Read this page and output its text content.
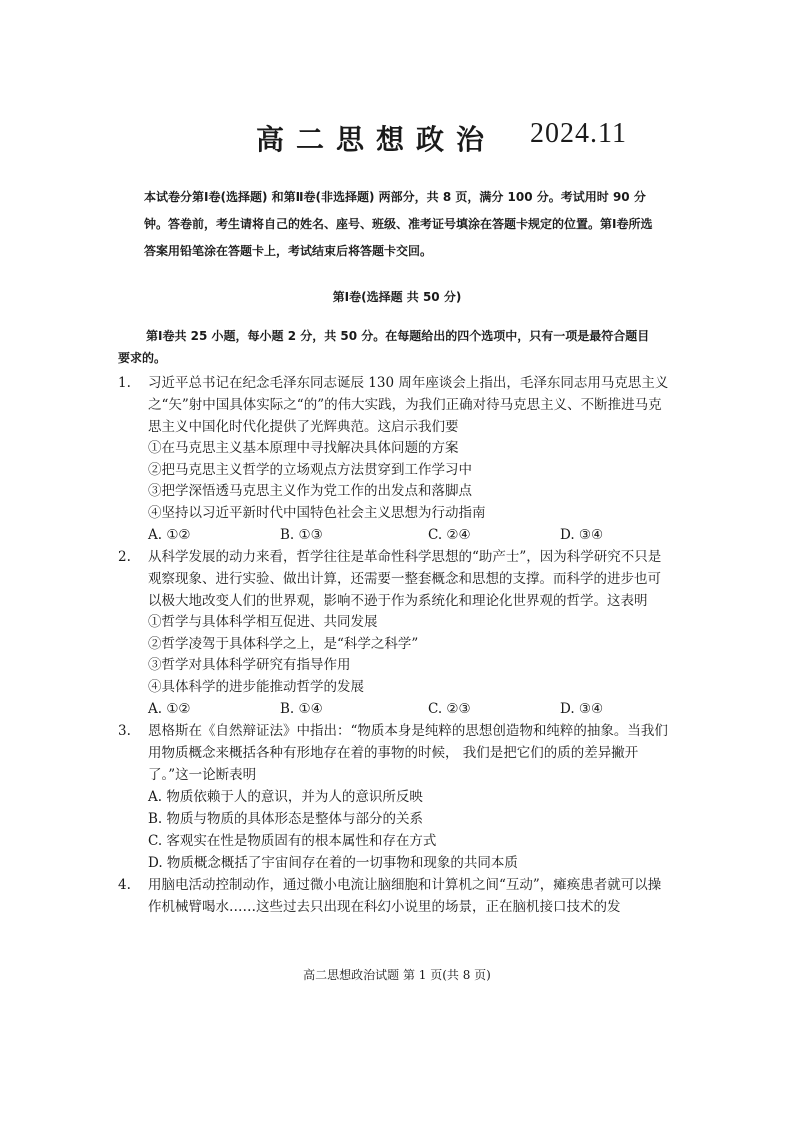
高二思想政治 2024.11
本试卷分第Ⅰ卷(选择题) 和第Ⅱ卷(非选择题) 两部分，共 8 页，满分 100 分。考试用时 90 分钟。答卷前，考生请将自己的姓名、座号、班级、准考证号填涂在答题卡规定的位置。第Ⅰ卷所选答案用铅笔涂在答题卡上，考试结束后将答题卡交回。
第Ⅰ卷(选择题 共 50 分)
第Ⅰ卷共 25 小题，每小题 2 分，共 50 分。在每题给出的四个选项中，只有一项是最符合题目要求的。
1. 习近平总书记在纪念毛泽东同志诞辰 130 周年座谈会上指出，毛泽东同志用马克思主义之“矢”射中国具体实际之“的”的伟大实践，为我们正确对待马克思主义、不断推进马克思主义中国化时代化提供了光辉典范。这启示我们要

①在马克思主义基本原理中寻找解决具体问题的方案

②把马克思主义哲学的立场观点方法贯穿到工作学习中

③把学深悟透马克思主义作为党工作的出发点和落脚点

④坚持以习近平新时代中国特色社会主义思想为行动指南

A. ①②	B. ①③	C. ②④	D. ③④
2. 从科学发展的动力来看，哲学往往是革命性科学思想的“助产士”，因为科学研究不只是观察现象、进行实验、做出计算，还需要一整套概念和思想的支撑。而科学的进步也可以极大地改变人们的世界观，影响不逊于作为系统化和理论化世界观的哲学。这表明

①哲学与具体科学相互促进、共同发展

②哲学凌驾于具体科学之上，是“科学之科学”

③哲学对具体科学研究有指导作用

④具体科学的进步能推动哲学的发展

A. ①②	B. ①④	C. ②③	D. ③④
3. 恩格斯在《自然辩证法》中指出：“物质本身是纯粹的思想创造物和纯粹的抽象。当我们用物质概念来概括各种有形地存在着的事物的时候， 我们是把它们的质的差异撇开了。”这一论断表明

A. 物质依赖于人的意识，并为人的意识所反映

B. 物质与物质的具体形态是整体与部分的关系

C. 客观实在性是物质固有的根本属性和存在方式

D. 物质概念概括了宇宙间存在着的一切事物和现象的共同本质

4. 用脑电活动控制动作，通过微小电流让脑细胞和计算机之间“互动”，瘫痪患者就可以操作机械臂喝水……这些过去只出现在科幻小说里的场景，正在脑机接口技术的发

高二思想政治试题 第 1 页(共 8 页)
